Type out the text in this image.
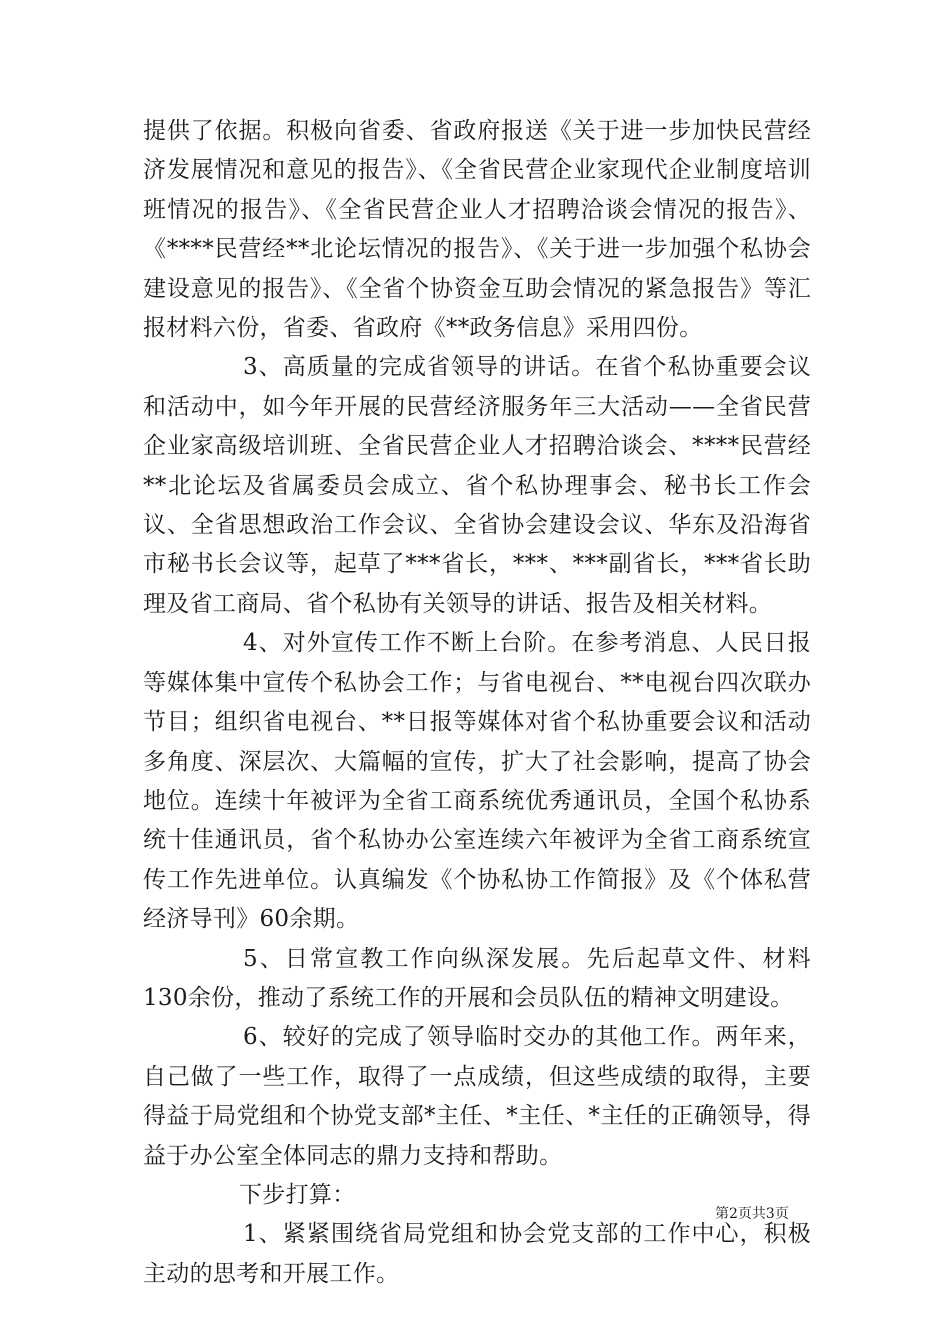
提供了依据。积极向省委、省政府报送《关于进一步加快民营经济发展情况和意见的报告》、《全省民营企业家现代企业制度培训班情况的报告》、《全省民营企业人才招聘洽谈会情况的报告》、《****民营经**北论坛情况的报告》、《关于进一步加强个私协会建设意见的报告》、《全省个协资金互助会情况的紧急报告》等汇报材料六份，省委、省政府《**政务信息》采用四份。

3、高质量的完成省领导的讲话。在省个私协重要会议和活动中，如今年开展的民营经济服务年三大活动——全省民营企业家高级培训班、全省民营企业人才招聘洽谈会、****民营经**北论坛及省属委员会成立、省个私协理事会、秘书长工作会议、全省思想政治工作会议、全省协会建设会议、华东及沿海省市秘书长会议等，起草了***省长，***、***副省长，***省长助理及省工商局、省个私协有关领导的讲话、报告及相关材料。

4、对外宣传工作不断上台阶。在参考消息、人民日报等媒体集中宣传个私协会工作；与省电视台、**电视台四次联办节目；组织省电视台、**日报等媒体对省个私协重要会议和活动多角度、深层次、大篇幅的宣传，扩大了社会影响，提高了协会地位。连续十年被评为全省工商系统优秀通讯员，全国个私协系统十佳通讯员，省个私协办公室连续六年被评为全省工商系统宣传工作先进单位。认真编发《个协私协工作简报》及《个体私营经济导刊》60余期。

5、日常宣教工作向纵深发展。先后起草文件、材料130余份，推动了系统工作的开展和会员队伍的精神文明建设。

6、较好的完成了领导临时交办的其他工作。两年来，自己做了一些工作，取得了一点成绩，但这些成绩的取得，主要得益于局党组和个协党支部*主任、*主任、*主任的正确领导，得益于办公室全体同志的鼎力支持和帮助。

下步打算：

1、紧紧围绕省局党组和协会党支部的工作中心，积极主动的思考和开展工作。

第2页共3页
